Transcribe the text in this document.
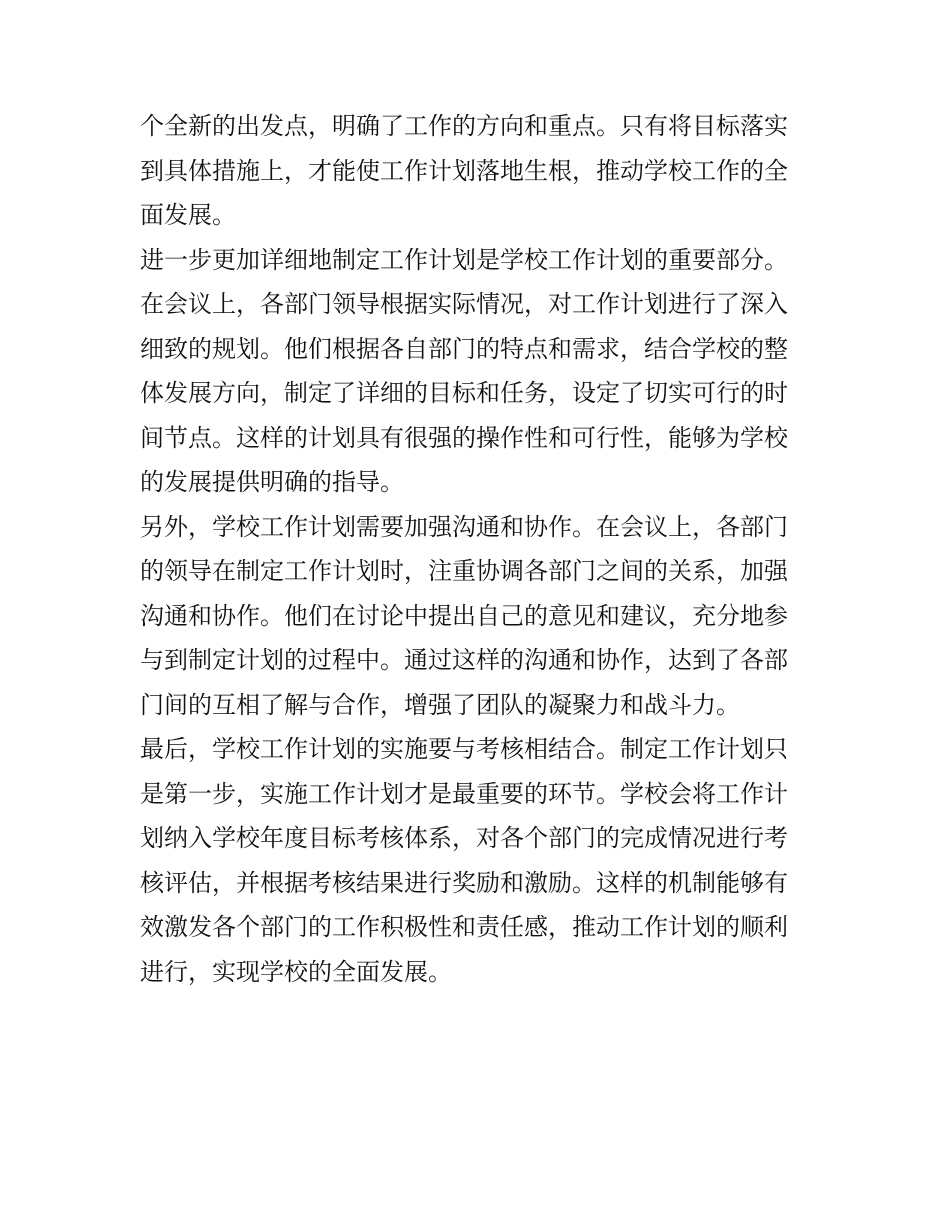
个全新的出发点，明确了工作的方向和重点。只有将目标落实
到具体措施上，才能使工作计划落地生根，推动学校工作的全
面发展。
进一步更加详细地制定工作计划是学校工作计划的重要部分。
在会议上，各部门领导根据实际情况，对工作计划进行了深入
细致的规划。他们根据各自部门的特点和需求，结合学校的整
体发展方向，制定了详细的目标和任务，设定了切实可行的时
间节点。这样的计划具有很强的操作性和可行性，能够为学校
的发展提供明确的指导。
另外，学校工作计划需要加强沟通和协作。在会议上，各部门
的领导在制定工作计划时，注重协调各部门之间的关系，加强
沟通和协作。他们在讨论中提出自己的意见和建议，充分地参
与到制定计划的过程中。通过这样的沟通和协作，达到了各部
门间的互相了解与合作，增强了团队的凝聚力和战斗力。
最后，学校工作计划的实施要与考核相结合。制定工作计划只
是第一步，实施工作计划才是最重要的环节。学校会将工作计
划纳入学校年度目标考核体系，对各个部门的完成情况进行考
核评估，并根据考核结果进行奖励和激励。这样的机制能够有
效激发各个部门的工作积极性和责任感，推动工作计划的顺利
进行，实现学校的全面发展。
